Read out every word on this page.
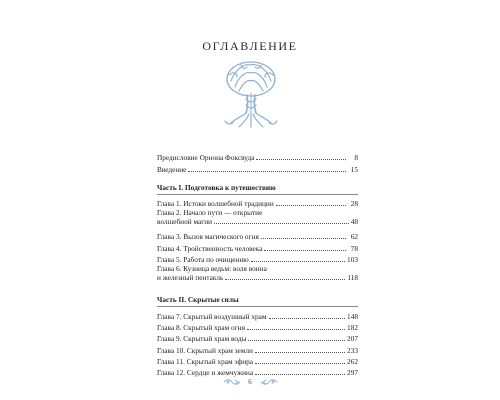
ОГЛАВЛЕНИЕ
Предисловие Орнона Фоксвуда	8
Введение	15
Часть I. Подготовка к путешествию
Глава 1. Истоки волшебной традиции	28
Глава 2. Начало пути — открытие
волшебной магии	48
Глава 3. Вызов магического огня	62
Глава 4. Тройственность человека	78
Глава 5. Работа по очищению	103
Глава 6. Кузница ведьм: воля воина
и железный пентакль	118
Часть II. Скрытые силы
Глава 7. Скрытый воздушный храм	148
Глава 8. Скрытый храм огня	182
Глава 9. Скрытый храм воды	207
Глава 10. Скрытый храм земли	233
Глава 11. Скрытый храм эфира	262
Глава 12. Сердце и жемчужина	297
6
